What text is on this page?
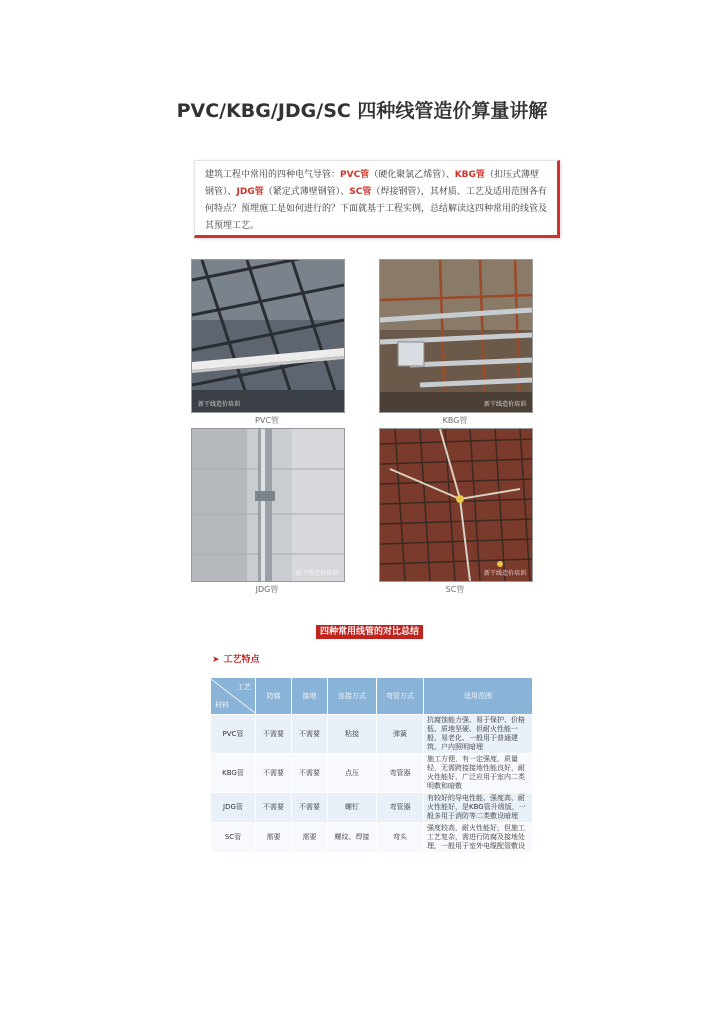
PVC/KBG/JDG/SC 四种线管造价算量讲解
建筑工程中常用的四种电气导管：PVC管（硬化聚氯乙烯管）、KBG管（扣压式薄壁钢管）、JDG管（紧定式薄壁钢管）、SC管（焊接钢管），其材质、工艺及适用范围各有何特点？预埋施工是如何进行的？下面就基于工程实例，总结解读这四种常用的线管及其预埋工艺。
新干线造价培训
PVC管
新干线造价培训
KBG管
新干线造价培训
JDG管
新干线造价培训
SC管
四种常用线管的对比总结
➤ 工艺特点
工艺
材料	防腐	接地	连接方式	弯管方式	适用范围
PVC管	不需要	不需要	粘接	弹簧	抗腐蚀能力强、易于保护、价格低、质地坚硬、但耐火性能一般、易老化、一般用于普通建筑、户内照明暗埋
KBG管	不需要	不需要	点压	弯管器	施工方便，有一定强度，质量轻，无需跨接接地性能良好，耐火性能好，广泛应用于室内二类明敷和暗敷
JDG管	不需要	不需要	螺钉	弯管器	有较好的导电性能、强度高、耐火性能好，是KBG管升级版，一般多用于消防等二类敷设暗埋
SC管	需要	需要	螺纹、焊接	弯头	强度较高，耐火性能好，但施工工艺复杂，需进行防腐及接地处理，一般用于室外电缆配管敷设
